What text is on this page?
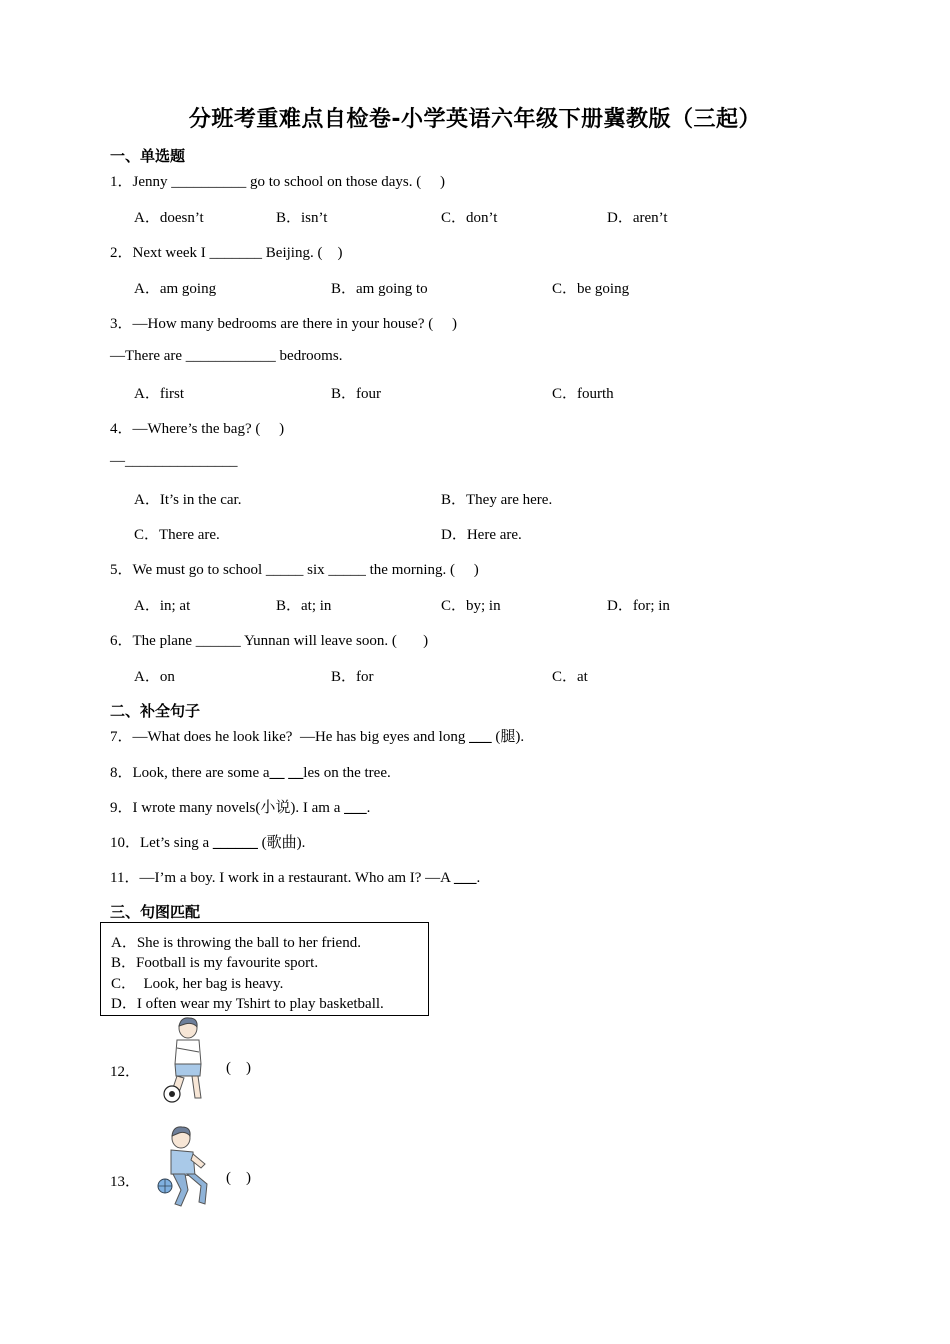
分班考重难点自检卷-小学英语六年级下册冀教版（三起）
一、单选题
1．Jenny __________ go to school on those days. (     )
A．doesn’t	B．isn’t	C．don’t	D．aren’t
2．Next week I _______ Beijing. (    )
A．am going	B．am going to	C．be going
3．—How many bedrooms are there in your house? (     )
—There are ____________ bedrooms.
A．first	B．four	C．fourth
4．—Where’s the bag? (     )
—_______________
A．It’s in the car.	B．They are here.
C．There are.	D．Here are.
5．We must go to school _____ six _____ the morning. (     )
A．in; at	B．at; in	C．by; in	D．for; in
6．The plane ______ Yunnan will leave soon. (       )
A．on	B．for	C．at
二、补全句子
7．—What does he look like?  —He has big eyes and long ___ (腿).
8．Look, there are some a__ __les on the tree.
9．I wrote many novels(小说). I am a ___.
10．Let’s sing a ______ (歌曲).
11．—I’m a boy. I work in a restaurant. Who am I? —A ___.
三、句图匹配
A．She is throwing the ball to her friend.
B．Football is my favourite sport.
C．  Look, her bag is heavy.
D．I often wear my Tshirt to play basketball.
12．	(    )
13．	(    )
